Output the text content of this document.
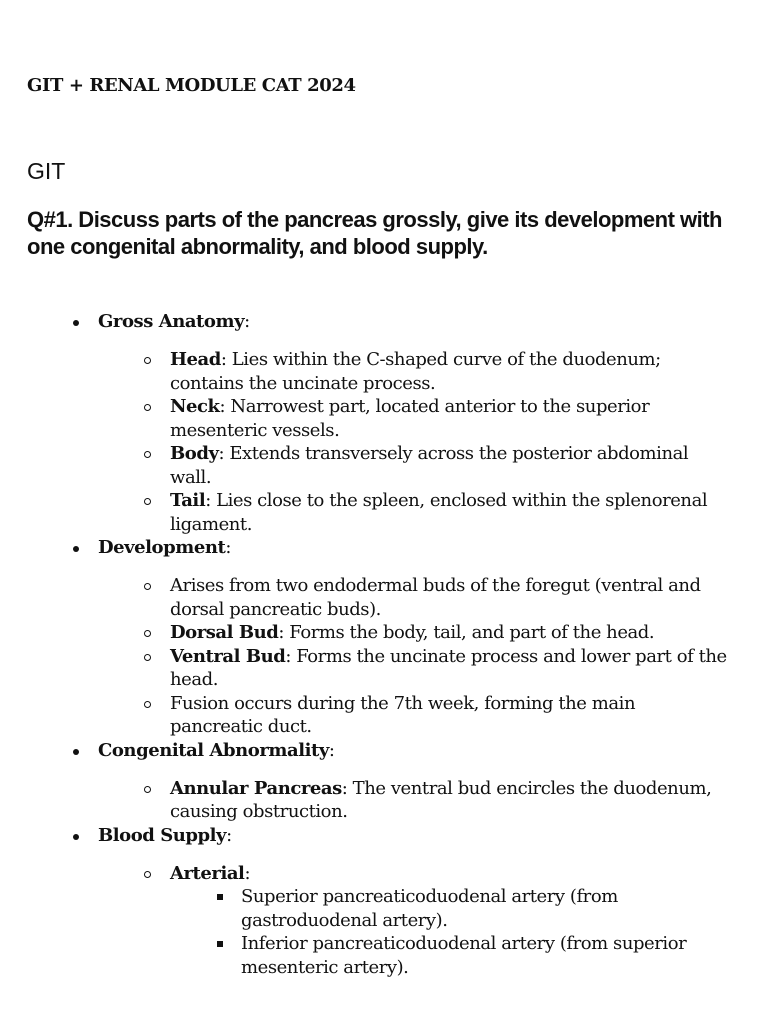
GIT + RENAL MODULE CAT 2024
GIT
Q#1. Discuss parts of the pancreas grossly, give its development with one congenital abnormality, and blood supply.
Gross Anatomy:
Head: Lies within the C-shaped curve of the duodenum; contains the uncinate process.
Neck: Narrowest part, located anterior to the superior mesenteric vessels.
Body: Extends transversely across the posterior abdominal wall.
Tail: Lies close to the spleen, enclosed within the splenorenal ligament.
Development:
Arises from two endodermal buds of the foregut (ventral and dorsal pancreatic buds).
Dorsal Bud: Forms the body, tail, and part of the head.
Ventral Bud: Forms the uncinate process and lower part of the head.
Fusion occurs during the 7th week, forming the main pancreatic duct.
Congenital Abnormality:
Annular Pancreas: The ventral bud encircles the duodenum, causing obstruction.
Blood Supply:
Arterial:
Superior pancreaticoduodenal artery (from gastroduodenal artery).
Inferior pancreaticoduodenal artery (from superior mesenteric artery).
